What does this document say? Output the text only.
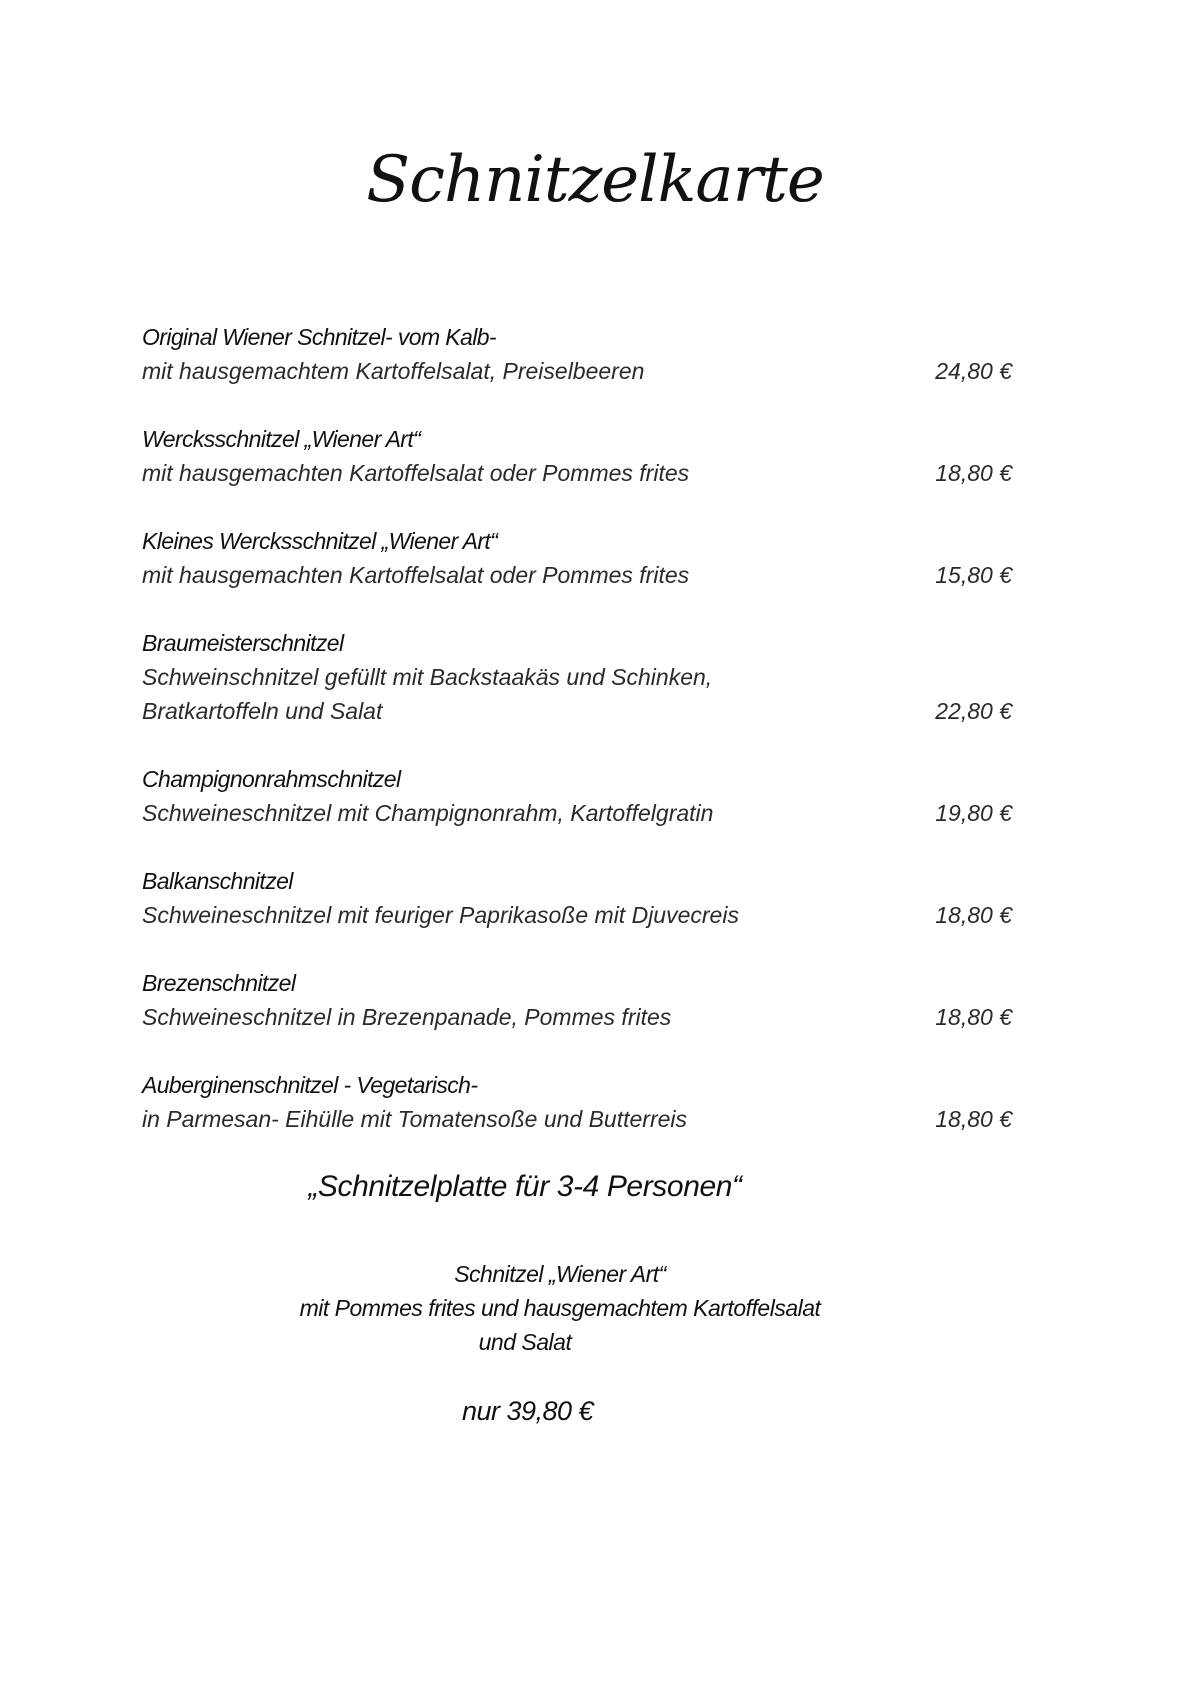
Schnitzelkarte
Original Wiener Schnitzel- vom Kalb-
mit hausgemachtem Kartoffelsalat, Preiselbeeren	24,80 €
Wercksschnitzel „Wiener Art“
mit hausgemachten Kartoffelsalat oder Pommes frites	18,80 €
Kleines Wercksschnitzel „Wiener Art“
mit hausgemachten Kartoffelsalat oder Pommes frites	15,80 €
Braumeisterschnitzel
Schweinschnitzel gefüllt mit Backstaakäs und Schinken,
Bratkartoffeln und Salat	22,80 €
Champignonrahmschnitzel
Schweineschnitzel mit Champignonrahm, Kartoffelgratin	19,80 €
Balkanschnitzel
Schweineschnitzel mit feuriger Paprikasoße mit Djuvecreis	18,80 €
Brezenschnitzel
Schweineschnitzel in Brezenpanade, Pommes frites	18,80 €
Auberginenschnitzel - Vegetarisch-
in Parmesan- Eihülle mit Tomatensoße und Butterreis	18,80 €
„Schnitzelplatte für 3-4 Personen“
Schnitzel „Wiener Art“
mit Pommes frites und hausgemachtem Kartoffelsalat
und Salat
nur 39,80 €
